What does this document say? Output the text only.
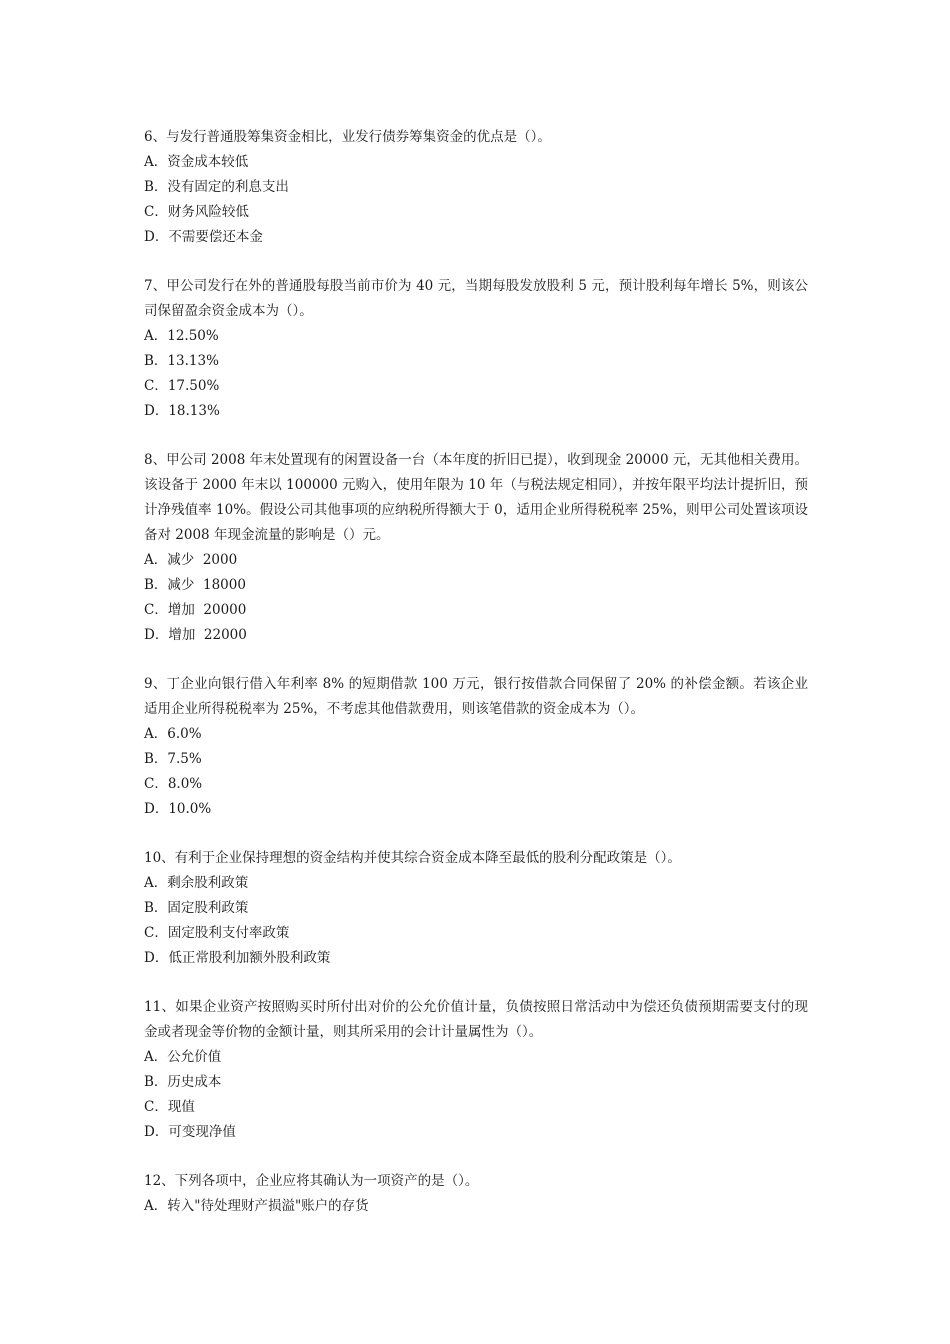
6、与发行普通股筹集资金相比，业发行债券筹集资金的优点是（）。

A．资金成本较低

B．没有固定的利息支出

C．财务风险较低

D．不需要偿还本金

7、甲公司发行在外的普通股每股当前市价为 40 元，当期每股发放股利 5 元，预计股利每年增长 5%，则该公司保留盈余资金成本为（）。

A．12.50%

B．13.13%

C．17.50%

D．18.13%

8、甲公司 2008 年末处置现有的闲置设备一台（本年度的折旧已提），收到现金 20000 元，无其他相关费用。该设备于 2000 年末以 100000 元购入，使用年限为 10 年（与税法规定相同），并按年限平均法计提折旧，预计净残值率 10%。假设公司其他事项的应纳税所得额大于 0，适用企业所得税税率 25%，则甲公司处置该项设备对 2008 年现金流量的影响是（）元。

A．减少  2000

B．减少  18000

C．增加  20000

D．增加  22000

9、丁企业向银行借入年利率 8% 的短期借款 100 万元，银行按借款合同保留了 20% 的补偿金额。若该企业适用企业所得税税率为 25%，不考虑其他借款费用，则该笔借款的资金成本为（）。

A．6.0%

B．7.5%

C．8.0%

D．10.0%

10、有利于企业保持理想的资金结构并使其综合资金成本降至最低的股利分配政策是（）。

A．剩余股利政策

B．固定股利政策

C．固定股利支付率政策

D．低正常股利加额外股利政策

11、如果企业资产按照购买时所付出对价的公允价值计量，负债按照日常活动中为偿还负债预期需要支付的现金或者现金等价物的金额计量，则其所采用的会计计量属性为（）。

A．公允价值

B．历史成本

C．现值

D．可变现净值

12、下列各项中，企业应将其确认为一项资产的是（）。

A．转入"待处理财产损溢"账户的存货
